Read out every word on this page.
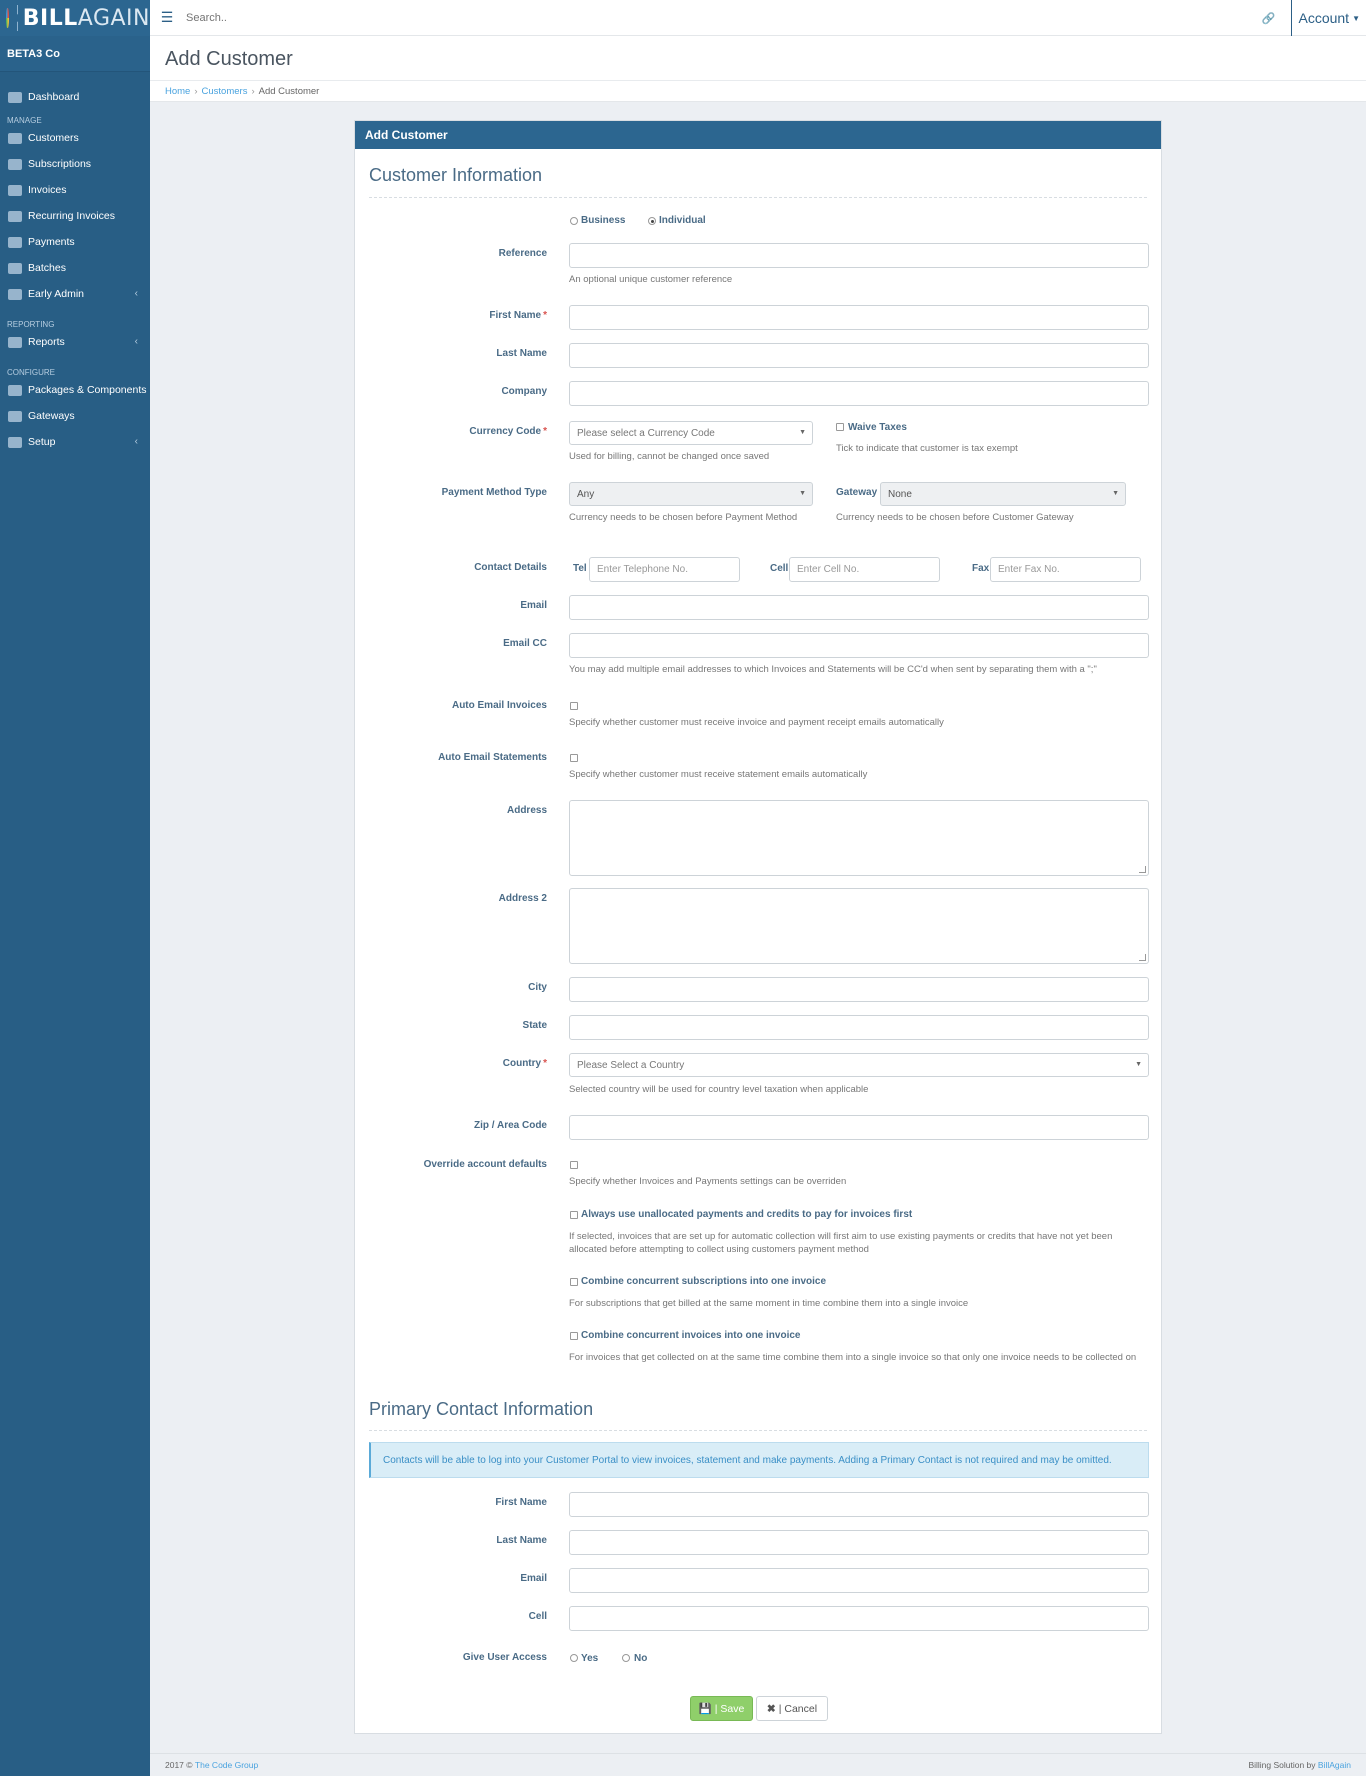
BILLAGAIN
BETA3 Co
Dashboard
MANAGE
Customers
Subscriptions
Invoices
Recurring Invoices
Payments
Batches
Early Admin	‹
REPORTING
Reports	‹
CONFIGURE
Packages & Components
Gateways
Setup	‹
☰
Search..	🔗 Account ▼
Add Customer
Home › Customers › Add Customer
Add Customer
Customer Information
Business	Individual
Reference
An optional unique customer reference
First Name *
Last Name
Company
Currency Code *	Please select a Currency Code	▼
Used for billing, cannot be changed once saved
Waive Taxes
Tick to indicate that customer is tax exempt
Payment Method Type	Any	▼
Currency needs to be chosen before Payment Method
Gateway None	▼
Currency needs to be chosen before Customer Gateway
Contact Details	Tel	Enter Telephone No.	Cell Enter Cell No.	Fax Enter Fax No.
Email
Email CC
You may add multiple email addresses to which Invoices and Statements will be CC'd when sent by separating them with a ";"
Auto Email Invoices
Specify whether customer must receive invoice and payment receipt emails automatically
Auto Email Statements
Specify whether customer must receive statement emails automatically
Address
Address 2
City
State
Country *	Please Select a Country	▼
Selected country will be used for country level taxation when applicable
Zip / Area Code
Override account defaults
Specify whether Invoices and Payments settings can be overriden
Always use unallocated payments and credits to pay for invoices first
If selected, invoices that are set up for automatic collection will first aim to use existing payments or credits that have not yet been allocated before attempting to collect using customers payment method
Combine concurrent subscriptions into one invoice
For subscriptions that get billed at the same moment in time combine them into a single invoice
Combine concurrent invoices into one invoice
For invoices that get collected on at the same time combine them into a single invoice so that only one invoice needs to be collected on
Primary Contact Information
Contacts will be able to log into your Customer Portal to view invoices, statement and make payments. Adding a Primary Contact is not required and may be omitted.
First Name
Last Name
Email
Cell
Give User Access	Yes	No
💾 | Save ✖ | Cancel
2017 ©
The Code Group	Billing Solution by BillAgain
